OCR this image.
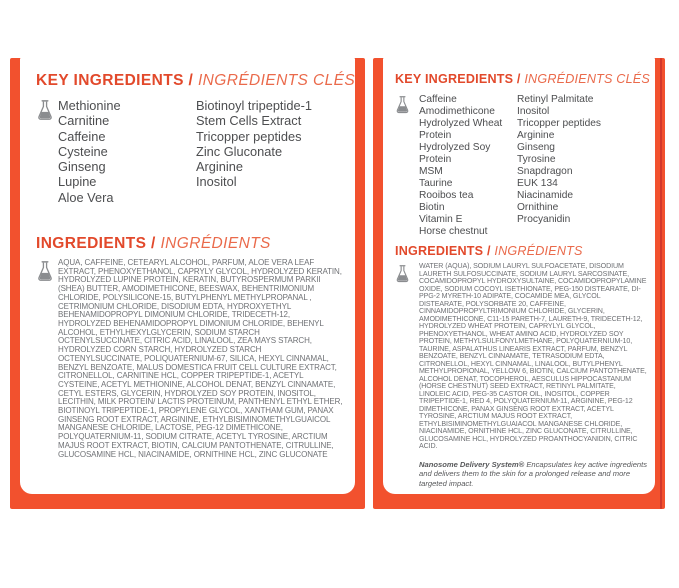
KEY INGREDIENTS / INGRÉDIENTS CLÉS
Methionine
Carnitine
Caffeine
Cysteine
Ginseng
Lupine
Aloe Vera
Biotinoyl tripeptide-1
Stem Cells Extract
Tricopper peptides
Zinc Gluconate
Arginine
Inositol
INGREDIENTS / INGRÉDIENTS
AQUA, CAFFEINE, CETEARYL ALCOHOL, PARFUM, ALOE VERA LEAF EXTRACT, PHENOXYETHANOL, CAPRYLY GLYCOL, HYDROLYZED KERATIN, HYDROLYZED LUPINE PROTEIN, KERATIN, BUTYROSPERMUM PARKII (SHEA) BUTTER, AMODIMETHICONE, BEESWAX, BEHENTRIMONIUM CHLORIDE, POLYSILICONE-15, BUTYLPHENYL METHYLPROPANAL , CETRIMONIUM CHLORIDE, DISODIUM EDTA, HYDROXYETHYL BEHENAMIDOPROPYL DIMONIUM CHLORIDE, TRIDECETH-12, HYDROLYZED BEHENAMIDOPROPYL DIMONIUM CHLORIDE, BEHENYL ALCOHOL, ETHYLHEXYLGLYCERIN, SODIUM STARCH OCTENYLSUCCINATE, CITRIC ACID, LINALOOL, ZEA MAYS STARCH, HYDROLYZED CORN STARCH, HYDROLYZED STARCH OCTENYLSUCCINATE, POLIQUATERNIUM-67, SILICA, HEXYL CINNAMAL, BENZYL BENZOATE, MALUS DOMESTICA FRUIT CELL CULTURE EXTRACT, CITRONELLOL, CARNITINE HCL, COPPER TRIPEPTIDE-1, ACETYL CYSTEINE, ACETYL METHIONINE, ALCOHOL DENAT, BENZYL CINNAMATE, CETYL ESTERS, GLYCERIN, HYDROLYZED SOY PROTEIN, INOSITOL, LECITHIN, MILK PROTEIN/ LACTIS PROTEINUM, PANTHENYL ETHYL ETHER, BIOTINOYL TRIPEPTIDE-1, PROPYLENE GLYCOL, XANTHAM GUM, PANAX GINSENG ROOT EXTRACT, ARGININE, ETHYLBISIMINOMETHYLGUAICOL MANGANESE CHLORIDE, LACTOSE, PEG-12 DIMETHICONE, POLYQUATERNIUM-11, SODIUM CITRATE, ACETYL TYROSINE, ARCTIUM MAJUS ROOT EXTRACT, BIOTIN, CALCIUM PANTOTHENATE, CITRULLINE, GLUCOSAMINE HCL, NIACINAMIDE, ORNITHINE HCL, ZINC GLUCONATE
KEY INGREDIENTS / INGRÉDIENTS CLÉS
Caffeine
Amodimethicone
Hydrolyzed Wheat Protein
Hydrolyzed Soy Protein
MSM
Taurine
Rooibos tea
Biotin
Vitamin E
Horse chestnut
Retinyl Palmitate
Inositol
Tricopper peptides
Arginine
Ginseng
Tyrosine
Snapdragon
EUK 134
Niacinamide
Ornithine
Procyanidin
INGREDIENTS / INGRÉDIENTS
WATER (AQUA), SODIUM LAURYL SULFOACETATE, DISODIUM LAURETH SULFOSUCCINATE, SODIUM LAURYL SARCOSINATE, COCAMIDOPROPYL HYDROXYSULTAINE, COCAMIDOPROPYLAMINE OXIDE, SODIUM COCOYL ISETHIONATE, PEG-150 DISTEARATE, DI-PPG-2 MYRETH-10 ADIPATE, COCAMIDE MEA, GLYCOL DISTEARATE, POLYSORBATE 20, CAFFEINE, CINNAMIDOPROPYLTRIMONIUM CHLORIDE, GLYCERIN, AMODIMETHICONE, C11-15 PARETH-7, LAURETH-9, TRIDECETH-12, HYDROLYZED WHEAT PROTEIN, CAPRYLYL GLYCOL, PHENOXYETHANOL, WHEAT AMINO ACID, HYDROLYZED SOY PROTEIN, METHYLSULFONYLMETHANE, POLYQUATERNIUM-10, TAURINE, ASPALATHUS LINEARIS EXTRACT, PARFUM, BENZYL BENZOATE, BENZYL CINNAMATE, TETRASODIUM EDTA, CITRONELLOL, HEXYL CINNAMAL, LINALOOL, BUTYLPHENYL METHYLPROPIONAL, YELLOW 6, BIOTIN, CALCIUM PANTOTHENATE, ALCOHOL DENAT, TOCOPHEROL, AESCULUS HIPPOCASTANUM (HORSE CHESTNUT) SEED EXTRACT, RETINYL PALMITATE, LINOLEIC ACID, PEG-35 CASTOR OIL, INOSITOL, COPPER TRIPEPTIDE-1, RED 4, POLYQUATERNIUM-11, ARGININE, PEG-12 DIMETHICONE, PANAX GINSENG ROOT EXTRACT, ACETYL TYROSINE, ARCTIUM MAJUS ROOT EXTRACT, ETHYLBISIMINOMETHYLGUAIACOL MANGANESE CHLORIDE, NIACINAMIDE, ORNITHINE HCL, ZINC GLUCONATE, CITRULLINE, GLUCOSAMINE HCL, HYDROLYZED PROANTHOCYANIDIN, CITRIC ACID.
Nanosome Delivery System® Encapsulates key active ingredients and delivers them to the skin for a prolonged release and more targeted impact.
